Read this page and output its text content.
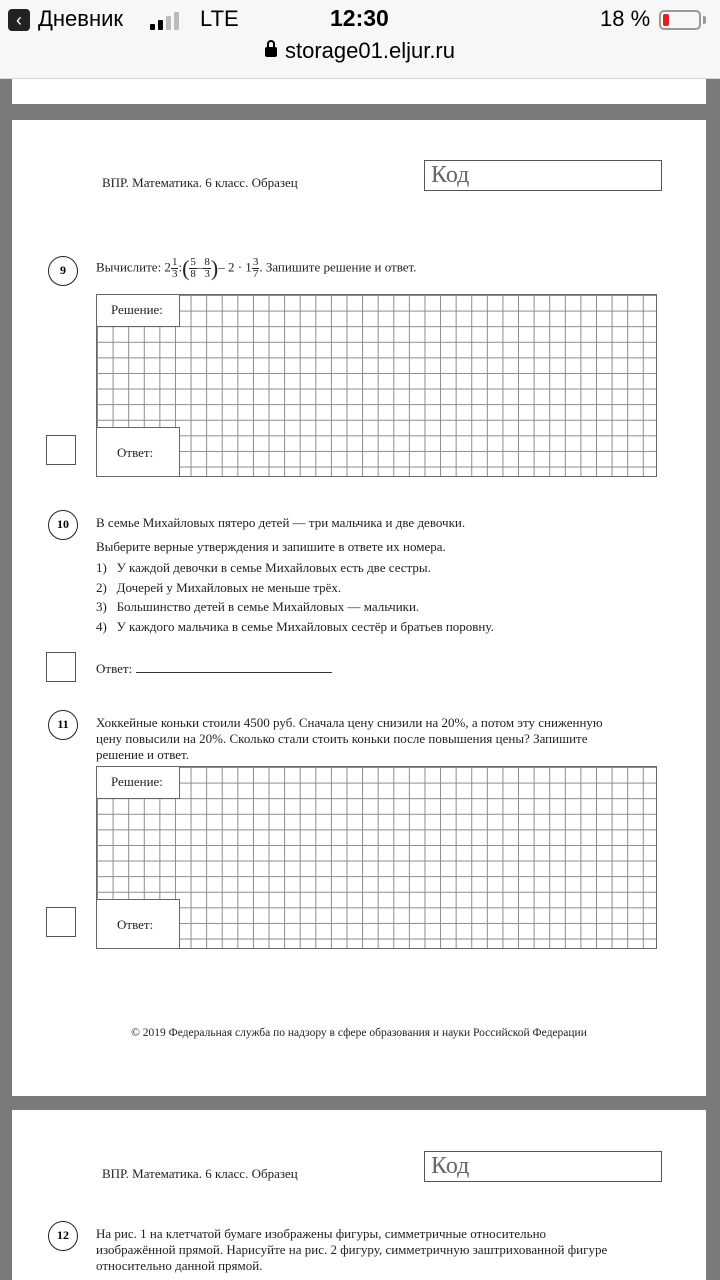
‹ Дневник	LTE	12:30	18 %
storage01.eljur.ru
ВПР. Математика. 6 класс. Образец	Код
9	Вычислите: $2 \frac{1}{3}$ :( $\frac{5}{8} - \frac{8}{3}$ )– $2 \cdot 1 \frac{3}{7}$ . Запишите решение и ответ.
Решение:
Ответ:
10	В семье Михайловых пятеро детей — три мальчика и две девочки.
Выберите верные утверждения и запишите в ответе их номера.
1) У каждой девочки в семье Михайловых есть две сестры.
2) Дочерей у Михайловых не меньше трёх.
3) Большинство детей в семье Михайловых — мальчики.
4) У каждого мальчика в семье Михайловых сестёр и братьев поровну.
Ответ:
11	Хоккейные коньки стоили 4500 руб. Сначала цену снизили на 20%, а потом эту сниженную
цену повысили на 20%. Сколько стали стоить коньки после повышения цены? Запишите
решение и ответ.
Решение:
Ответ:
© 2019 Федеральная служба по надзору в сфере образования и науки Российской Федерации
ВПР. Математика. 6 класс. Образец	Код
12	На рис. 1 на клетчатой бумаге изображены фигуры, симметричные относительно
изображённой прямой. Нарисуйте на рис. 2 фигуру, симметричную заштрихованной фигуре
относительно данной прямой.
